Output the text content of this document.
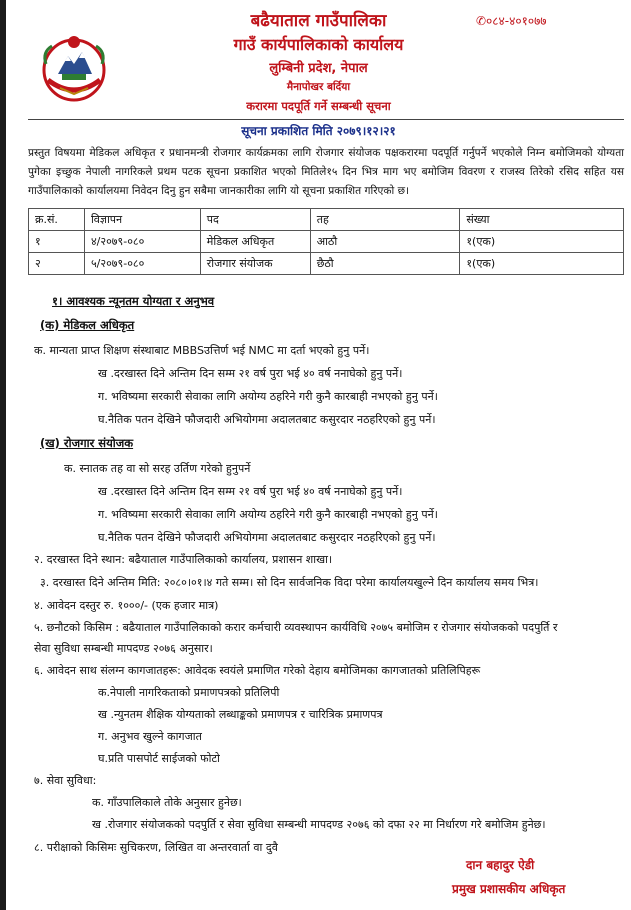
✆०८४-४०१०७७
बढैयाताल गाउँपालिका
गाउँ कार्यपालिकाको कार्यालय
लुम्बिनी प्रदेश, नेपाल
मैनापोखर बर्दिया
करारमा पदपूर्ति गर्ने सम्बन्धी सूचना
सूचना प्रकाशित मिति २०७९।१२।२१

प्रस्तुत विषयमा मेडिकल अधिकृत र प्रधानमन्त्री रोजगार कार्यक्रमका लागि रोजगार संयोजक पक्षकरारमा पदपूर्ति गर्नुपर्ने भएकोले निम्न बमोजिमको योग्यता पुगेका इच्छुक नेपाली नागरिकले प्रथम पटक सूचना प्रकाशित भएको मितिले१५ दिन भित्र माग भए बमोजिम विवरण र राजस्व तिरेको रसिद सहित यस गाउँपालिकाको कार्यालयमा निवेदन दिनु हुन सबैमा जानकारीका लागि यो सूचना प्रकाशित गरिएको छ।

क्र.सं.	विज्ञापन	पद	तह	संख्या
१	४/२०७९-०८०	मेडिकल अधिकृत	आठौ	१(एक)
२	५/२०७९-०८०	रोजगार संयोजक	छैठौ	१(एक)
१। आवश्यक न्यूनतम योग्यता र अनुभव
(क) मेडिकल अधिकृत
क. मान्यता प्राप्त शिक्षण संस्थाबाट MBBSउत्तिर्ण भई NMC मा दर्ता भएको हुनु पर्ने।
ख .दरखास्त दिने अन्तिम दिन सम्म २१ वर्ष पुरा भई ४० वर्ष ननाघेको हुनु पर्ने।
ग. भविष्यमा सरकारी सेवाका लागि अयोग्य ठहरिने गरी कुनै कारबाही नभएको हुनु पर्ने।
घ.नैतिक पतन देखिने फौजदारी अभियोगमा अदालतबाट कसुरदार नठहरिएको हुनु पर्ने।
(ख) रोजगार संयोजक
क. स्नातक तह वा सो सरह उर्तिण गरेको हुनुपर्ने
ख .दरखास्त दिने अन्तिम दिन सम्म २१ वर्ष पुरा भई ४० वर्ष ननाघेको हुनु पर्ने।
ग. भविष्यमा सरकारी सेवाका लागि अयोग्य ठहरिने गरी कुनै कारबाही नभएको हुनु पर्ने।
घ.नैतिक पतन देखिने फौजदारी अभियोगमा अदालतबाट कसुरदार नठहरिएको हुनु पर्ने।
२. दरखास्त दिने स्थान: बढैयाताल गाउँपालिकाको कार्यालय, प्रशासन शाखा।
३. दरखास्त दिने अन्तिम मिति: २०८०।०१।४ गते सम्म। सो दिन सार्वजनिक विदा परेमा कार्यालयखुल्ने दिन कार्यालय समय भित्र।
४. आवेदन दस्तुर रु. १०००/- (एक हजार मात्र)
५. छनौटको किसिम : बढैयाताल गाउँपालिकाको करार कर्मचारी व्यवस्थापन कार्यविधि २०७५ बमोजिम र रोजगार संयोजकको पदपुर्ति र
सेवा सुविधा सम्बन्धी मापदण्ड २०७६ अनुसार।
६. आवेदन साथ संलग्न कागजातहरू: आवेदक स्वयंले प्रमाणित गरेको देहाय बमोजिमका कागजातको प्रतिलिपिहरू
क.नेपाली नागरिकताको प्रमाणपत्रको प्रतिलिपी
ख .न्युनतम शैक्षिक योग्यताको लब्धाङ्कको प्रमाणपत्र र चारित्रिक प्रमाणपत्र
ग. अनुभव खुल्ने कागजात
घ.प्रति पासपोर्ट साईजको फोटो
७. सेवा सुविधा:
क. गाँउपालिकाले तोके अनुसार हुनेछ।
ख .रोजगार संयोजकको पदपुर्ति र सेवा सुविधा सम्बन्धी मापदण्ड २०७६ को दफा २२ मा निर्धारण गरे बमोजिम हुनेछ।
८. परीक्षाको किसिमः सुचिकरण, लिखित वा अन्तरवार्ता वा दुवै
दान बहादुर ऐडी
प्रमुख प्रशासकीय अधिकृत
